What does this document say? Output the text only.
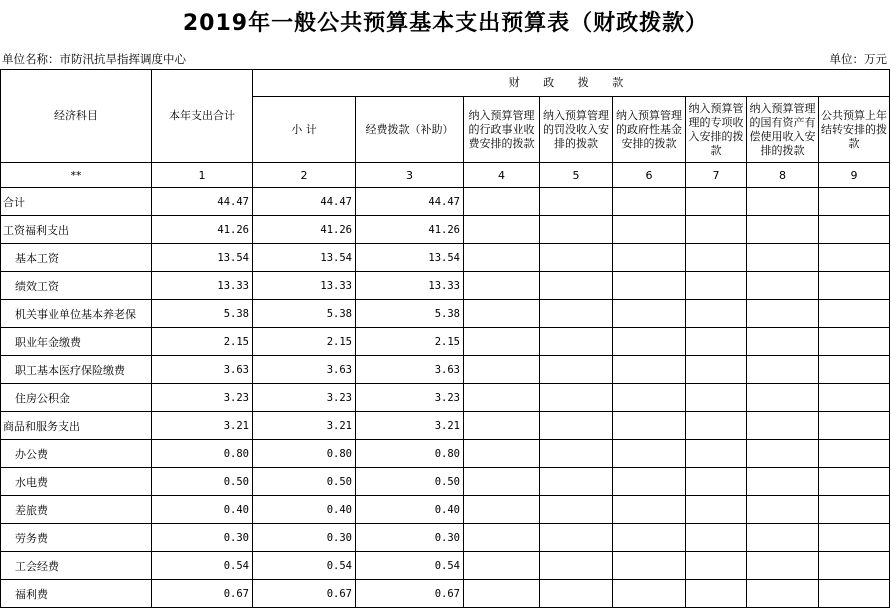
2019年一般公共预算基本支出预算表（财政拨款）
单位名称：市防汛抗旱指挥调度中心	单位：万元
经济科目	本年支出合计	财 政 拨 款							
		小 计	经费拨款（补助）	纳入预算管理的行政事业收费安排的拨款	纳入预算管理的罚没收入安排的拨款	纳入预算管理的政府性基金安排的拨款	纳入预算管理的专项收入安排的拨款	纳入预算管理的国有资产有偿使用收入安排的拨款	公共预算上年结转安排的拨款
**	1	2	3	4	5	6	7	8	9
合计	44.47	44.47	44.47						
工资福利支出	41.26	41.26	41.26						
基本工资	13.54	13.54	13.54						
绩效工资	13.33	13.33	13.33						
机关事业单位基本养老保	5.38	5.38	5.38						
职业年金缴费	2.15	2.15	2.15						
职工基本医疗保险缴费	3.63	3.63	3.63						
住房公积金	3.23	3.23	3.23						
商品和服务支出	3.21	3.21	3.21						
办公费	0.80	0.80	0.80						
水电费	0.50	0.50	0.50						
差旅费	0.40	0.40	0.40						
劳务费	0.30	0.30	0.30						
工会经费	0.54	0.54	0.54						
福利费	0.67	0.67	0.67						
